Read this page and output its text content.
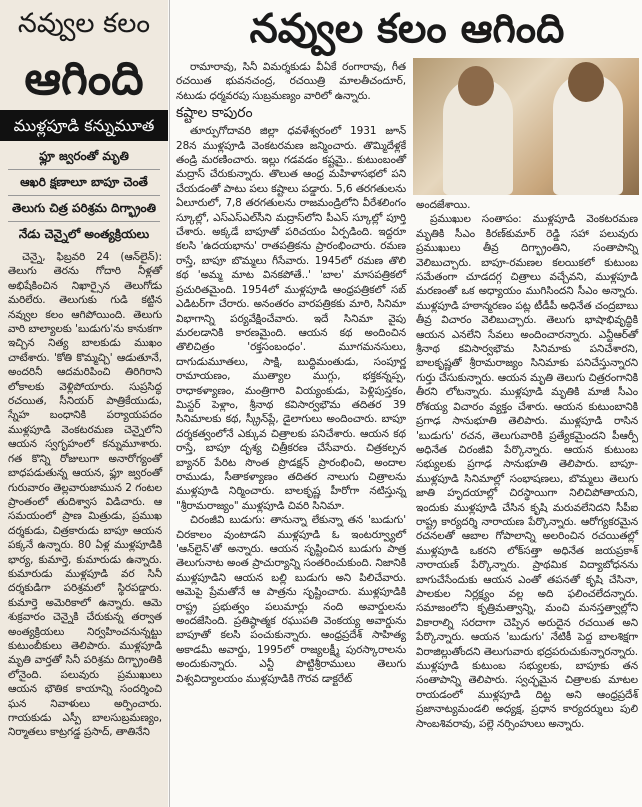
నవ్వుల కలం
ఆగింది
ముళ్లపూడి కన్నుమూత
ఫ్లూ జ్వరంతో మృతి
ఆఖరి క్షణాలూ బాపూ చెంతే
తెలుగు చిత్ర పరిశ్రమ దిగ్భ్రాంతి
నేడు చెన్నైలో అంత్యక్రియలు

చెన్నై, ఫిబ్రవరి 24 (ఆన్‌లైన్): తెలుగు తెరను గోదారి నీళ్లతో అభిషేకించిన నిఖార్సైన తెలుగోడు మరిలేరు. తెలుగుకు గుడి కట్టిన నవ్వుల కలం ఆగిపోయింది. తెలుగు వారి బాల్యాలకు 'బుడుగు'ను కానుకగా ఇచ్చిన నిత్య బాలకుడు ముఖం చాటేశారు. 'కోతి కొమ్మచ్చి' ఆడుతూనే, అందరినీ ఆదమరిపించి తిరిగిరాని లోకాలకు వెళ్లిపోయారు. సుప్రసిద్ధ రచయిత, సీనియర్ పాత్రికేయుడు, స్నేహ బంధానికి పర్యాయపదం ముళ్లపూడి వెంకటరమణ చెన్నైలోని ఆయన స్వగృహంలో కన్నుమూశారు. గత కొన్ని రోజులుగా అనారోగ్యంతో బాధపడుతున్న ఆయన, ఫ్లూ జ్వరంతో గురువారం తెల్లవారుజామున 2 గంటల ప్రాంతంలో తుదిశ్వాస విడిచారు. ఆ సమయంలో ప్రాణ మిత్రుడు, ప్రముఖ దర్శకుడు, చిత్రకారుడు బాపూ ఆయన పక్కనే ఉన్నారు. 80 ఏళ్ల ముళ్లపూడికి భార్య, కుమార్తె, కుమారుడు ఉన్నారు. కుమారుడు ముళ్లపూడి వర సినీ దర్శకుడిగా పరిశ్రమలో స్థిరపడ్డారు. కుమార్తె అమెరికాలో ఉన్నారు. ఆమె శుక్రవారం చెన్నైకి చేరుకున్న తర్వాత అంత్యక్రియలు నిర్వహించనున్నట్టు కుటుంబీకులు తెలిపారు. ముళ్లపూడి మృతి వార్తతో సినీ పరిశ్రమ దిగ్భ్రాంతికి లోనైంది. పలువురు ప్రముఖులు ఆయన భౌతిక కాయాన్ని సందర్శించి ఘన నివాళులు అర్పించారు. గాయకుడు ఎస్పీ బాలసుబ్రమణ్యం, నిర్మాతలు కాట్రగడ్డ ప్రసాద్, తాతినేని

నవ్వుల కలం ఆగింది

రామారావు, సినీ విమర్శకుడు వీఏకే రంగారావు, గీత రచయిత భువనచంద్ర, రచయిత్రి మాలతీచందూర్, నటుడు ధర్మవరపు సుబ్రమణ్యం వారిలో ఉన్నారు.

కష్టాల కాపురం

తూర్పుగోదావరి జిల్లా ధవళేశ్వరంలో 1931 జూన్ 28న ముళ్లపూడి వెంకటరమణ జన్మించారు. తొమ్మిదేళ్లకే తండ్రి మరణించారు. ఇల్లు గడవడం కష్టమై.. కుటుంబంతో మద్రాస్ చేరుకున్నారు. తొలుత ఆంధ్ర మహిళాసభలో పని చేయడంతో పాటు పలు కష్టాలు పడ్డారు. 5,6 తరగతులను ఏలూరులో, 7,8 తరగతులను రాజమండ్రిలోని వీరేశలింగం స్కూల్లో, ఎస్ఎస్ఎల్‌సీని మద్రాస్‌లోని పీఎస్ స్కూల్లో పూర్తి చేశారు. అక్కడే బాపూతో పరిచయం ఏర్పడింది. ఇద్దరూ కలసి 'ఉదయభాను' రాతపత్రికను ప్రారంభించారు. రమణ రాస్తే, బాపూ బొమ్మలు గీసేవారు. 1945లో రమణ తొలి కథ 'అమ్మ మాట వినకపోతే..' 'బాల' మాసపత్రికలో ప్రచురితమైంది. 1954లో ముళ్లపూడి ఆంధ్రపత్రికలో సబ్ ఎడిటర్‌గా చేరారు. అనంతరం వారపత్రికకు మారి, సినిమా విభాగాన్ని పర్యవేక్షించేవారు. ఇదే సినిమా వైపు మరలడానికి కారణమైంది. ఆయన కథ అందించిన తొలిచిత్రం 'రక్తసంబంధం'. మూగమనసులు, దాగుడుమూతలు, సాక్షి, బుద్ధిమంతుడు, సంపూర్ణ రామాయణం, ముత్యాల ముగ్గు, భక్తకన్నప్ప, రాధాకళ్యాణం, మంత్రిగారి వియ్యంకుడు, పెళ్లిపుస్తకం, మిస్టర్ పెళ్లాం, శ్రీనాథ కవిసార్వభౌమ తదితర 39 సినిమాలకు కథ, స్క్రీన్‌ప్లే, డైలాగులు అందించారు. బాపూ దర్శకత్వంలోనే ఎక్కువ చిత్రాలకు పనిచేశారు. ఆయన కథ రాస్తే, బాపూ దృశ్య చిత్రీకరణ చేసేవారు. చిత్రకల్పన బ్యానర్ పేరిట సొంత ప్రొడక్షన్ ప్రారంభించి, అందాల రాముడు, సీతాకళ్యాణం తదితర నాలుగు చిత్రాలను ముళ్లపూడి నిర్మించారు. బాలకృష్ణ హీరోగా నటిస్తున్న "శ్రీరామరాజ్యం" ముళ్లపూడి చివరి సినిమా.

చిరంజీవి బుడుగు: తానున్నా లేకున్నా తన 'బుడుగు' చిరకాలం వుంటాడని ముళ్లపూడి ఓ ఇంటర్వ్యూలో 'ఆన్‌లైన్'తో అన్నారు. ఆయన సృష్టించిన బుడుగు పాత్ర తెలుగునాట అంత ప్రాచుర్యాన్ని సంతరించుకుంది. నిజానికి ముళ్లపూడిని ఆయన బల్లి బుడుగు అని పిలిచేవారు. ఆమెపై ప్రేమతోనే ఆ పాత్రను సృష్టించారు. ముళ్లపూడికి రాష్ట్ర ప్రభుత్వం పలుమార్లు నంది అవార్డులను అందజేసింది. ప్రతిష్ఠాత్మక రఘుపతి వెంకయ్య అవార్డును బాపూతో కలసి పంచుకున్నారు. ఆంధ్రప్రదేశ్ సాహిత్య అకాడమీ అవార్డు, 1995లో రాజ్యలక్ష్మీ పురస్కారాలను అందుకున్నారు. ఎన్టీ పొట్టిశ్రీరాములు తెలుగు విశ్వవిద్యాలయం ముళ్లపూడికి గౌరవ డాక్టరేట్

అందజేశాయి.

ప్రముఖుల సంతాపం: ముళ్లపూడి వెంకటరమణ మృతికి సీఎం కిరణ్‌కుమార్ రెడ్డి సహా పలువురు ప్రముఖులు తీవ్ర దిగ్భ్రాంతిని, సంతాపాన్ని వెలిబుచ్చారు. బాపూ-రమణల కలయికలో కుటుంబ సమేతంగా చూడదగ్గ చిత్రాలు వచ్చేవని, ముళ్లపూడి మరణంతో ఒక అధ్యాయం ముగిసిందని సీఎం అన్నారు. ముళ్లపూడి హఠాన్మరణం పట్ల టీడీపీ అధినేత చంద్రబాబు తీవ్ర విచారం వెలిబుచ్చారు. తెలుగు భాషాభివృద్ధికి ఆయన ఎనలేని సేవలు అందించారన్నారు. ఎన్టీఆర్‌తో శ్రీనాథ కవిసార్వభౌమ సినిమాకు పనిచేశారని, బాలకృష్ణతో శ్రీరామరాజ్యం సినిమాకు పనిచేస్తున్నారని గుర్తు చేసుకున్నారు. ఆయన మృతి తెలుగు చిత్రరంగానికి తీరని లోటన్నారు. ముళ్లపూడి మృతికి మాజీ సీఎం రోశయ్య విచారం వ్యక్తం చేశారు. ఆయన కుటుంబానికి ప్రగాఢ సానుభూతి తెలిపారు. ముళ్లపూడి రాసిన 'బుడుగు' రచన, తెలుగువారికి ప్రత్యేకమైందని పీఆర్పీ అధినేత చిరంజీవి పేర్కొన్నారు. ఆయన కుటుంబ సభ్యులకు ప్రగాఢ సానుభూతి తెలిపారు. బాపూ-ముళ్లపూడి సినిమాల్లో సంభాషణలు, బొమ్మలు తెలుగు జాతి హృదయాల్లో చిరస్థాయిగా నిలిచిపోతాయని, ఇందుకు ముళ్లపూడి చేసిన కృషి మరువలేనిదని సీపీఐ రాష్ట్ర కార్యదర్శి నారాయణ పేర్కొన్నారు. ఆరోగ్యకరమైన రచనలతో ఆబాల గోపాలాన్ని అలరించిన రచయితల్లో ముళ్లపూడి ఒకరని లోక్‌సత్తా అధినేత జయప్రకాశ్ నారాయణ్ పేర్కొన్నారు. ప్రాథమిక విద్యాబోధనను బాగుచేసేందుకు ఆయన ఎంతో తపనతో కృషి చేసినా, పాలకుల నిర్లక్ష్యం వల్ల అది ఫలించలేదన్నారు. సమాజంలోని కృత్రిమత్వాన్ని, మంచి మనస్తత్వాల్లోని వికారాల్ని సరదాగా చెప్పిన అరుదైన రచయిత అని పేర్కొన్నారు. ఆయన 'బుడుగు' నేటికీ పెద్ద బాలశిక్షగా విరాజిల్లుతోందని తెలుగువారు భద్రపరుచుకున్నారన్నారు. ముళ్లపూడి కుటుంబ సభ్యులకు, బాపూకు తన సంతాపాన్ని తెలిపారు. స్వచ్ఛమైన చిత్రాలకు మాటల రాయడంలో ముళ్లపూడి దిట్ట అని ఆంధ్రప్రదేశ్ ప్రజానాట్యమండలి అధ్యక్ష, ప్రధాన కార్యదర్శులు పులి సాంబశివరావు, పల్లె నర్సింహులు అన్నారు.
